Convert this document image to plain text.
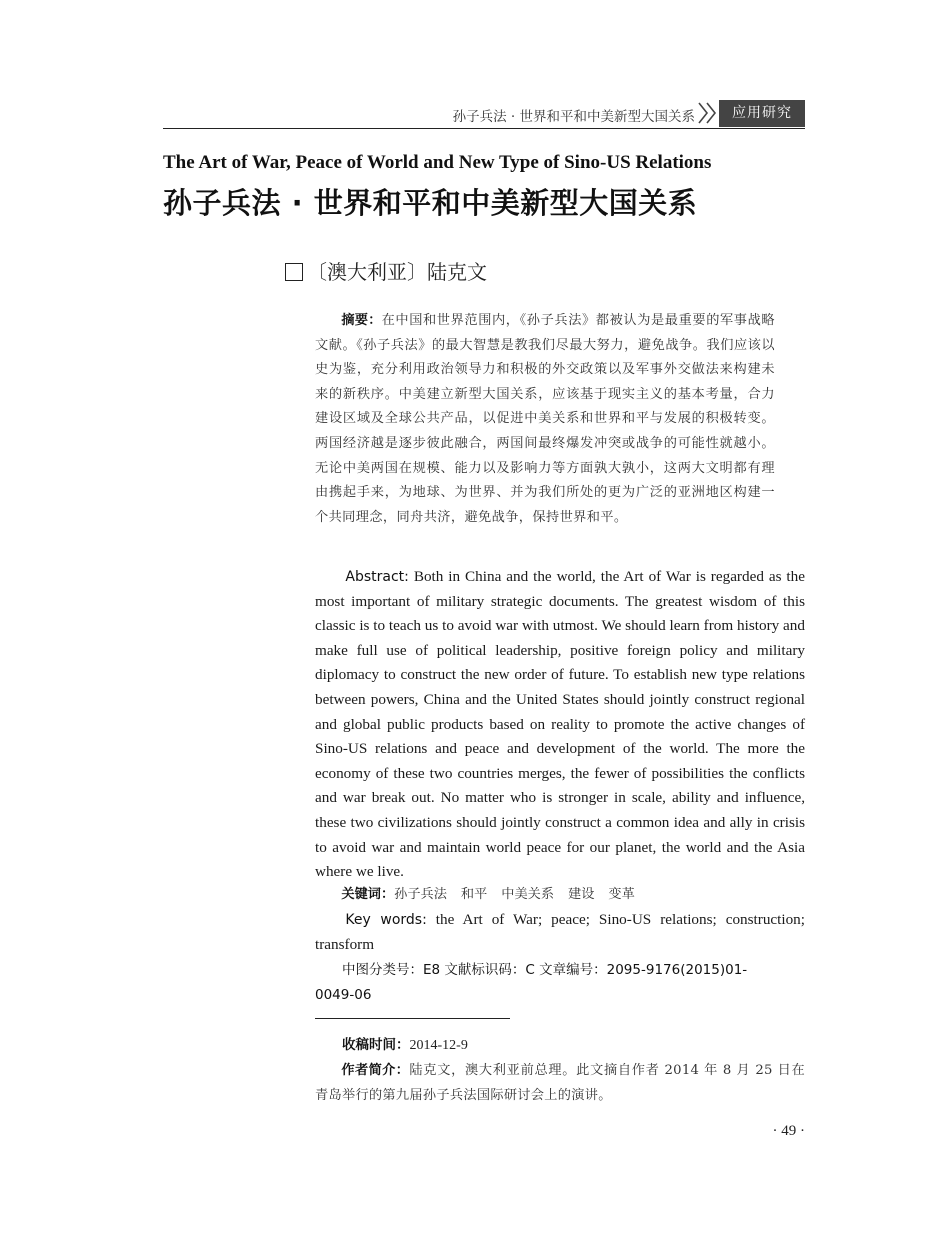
孙子兵法 · 世界和平和中美新型大国关系	应用研究
The Art of War, Peace of World and New Type of Sino-US Relations
孙子兵法 · 世界和平和中美新型大国关系
〔澳大利亚〕陆克文

摘要：在中国和世界范围内，《孙子兵法》都被认为是最重要的军事战略文献。《孙子兵法》的最大智慧是教我们尽最大努力，避免战争。我们应该以史为鉴，充分利用政治领导力和积极的外交政策以及军事外交做法来构建未来的新秩序。中美建立新型大国关系，应该基于现实主义的基本考量，合力建设区域及全球公共产品，以促进中美关系和世界和平与发展的积极转变。两国经济越是逐步彼此融合，两国间最终爆发冲突或战争的可能性就越小。无论中美两国在规模、能力以及影响力等方面孰大孰小，这两大文明都有理由携起手来，为地球、为世界、并为我们所处的更为广泛的亚洲地区构建一个共同理念，同舟共济，避免战争，保持世界和平。

Abstract: Both in China and the world, the Art of War is regarded as the most important of military strategic documents. The greatest wisdom of this classic is to teach us to avoid war with utmost. We should learn from history and make full use of political leadership, positive foreign policy and military diplomacy to construct the new order of future. To establish new type relations between powers, China and the United States should jointly construct regional and global public products based on reality to promote the active changes of Sino-US relations and peace and development of the world. The more the economy of these two countries merges, the fewer of possibilities the conflicts and war break out. No matter who is stronger in scale, ability and influence, these two civilizations should jointly construct a common idea and ally in crisis to avoid war and maintain world peace for our planet, the world and the Asia where we live.

关键词：孙子兵法 和平 中美关系 建设 变革

Key words: the Art of War; peace; Sino-US relations; construction; transform

中图分类号：E8 文献标识码：C 文章编号：2095-9176(2015)01-0049-06

收稿时间：2014-12-9

作者简介：陆克文，澳大利亚前总理。此文摘自作者 2014 年 8 月 25 日在青岛举行的第九届孙子兵法国际研讨会上的演讲。

· 49 ·
